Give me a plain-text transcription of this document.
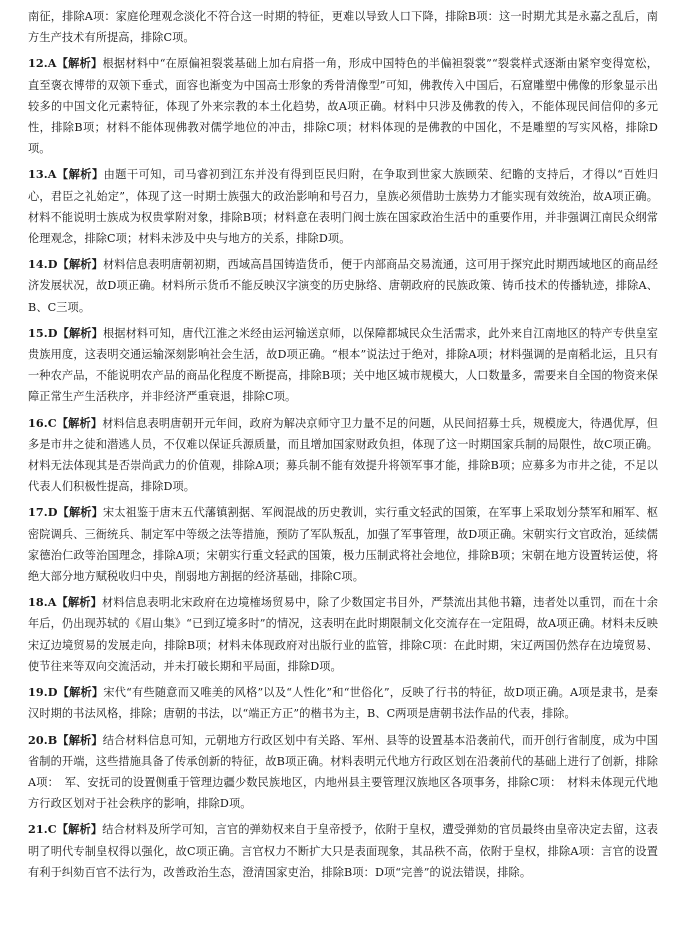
南征，排除A项：家庭伦理观念淡化不符合这一时期的特征，更难以导致人口下降，排除B项：这一时期尤其是永嘉之乱后，南方生产技术有所提高，排除C项。

12.A【解析】根据材料中“在原偏袒裂裳基础上加右肩搭一角，形成中国特色的半偏袒裂裳”“裂裳样式逐渐由紧窄变得宽松，直至褒衣博带的双领下垂式，面容也渐变为中国高士形象的秀骨清像型”可知，佛教传入中国后，石窟雕塑中佛像的形象显示出较多的中国文化元素特征，体现了外来宗教的本土化趋势，故A项正确。材料中只涉及佛教的传入，不能体现民间信仰的多元性，排除B项；材料不能体现佛教对儒学地位的冲击，排除C项；材料体现的是佛教的中国化，不是雕塑的写实风格，排除D项。

13.A【解析】由题干可知，司马睿初到江东并没有得到臣民归附，在争取到世家大族顾荣、纪瞻的支持后，才得以“百姓归心，君臣之礼始定”，体现了这一时期士族强大的政治影响和号召力，皇族必须借助士族势力才能实现有效统治，故A项正确。材料不能说明士族成为权贵掌附对象，排除B项；材料意在表明门阀士族在国家政治生活中的重要作用，并非强调江南民众纲常伦理观念，排除C项；材料未涉及中央与地方的关系，排除D项。

14.D【解析】材料信息表明唐朝初期，西域高昌国铸造货币，便于内部商品交易流通，这可用于探究此时期西域地区的商品经济发展状况，故D项正确。材料所示货币不能反映汉字演变的历史脉络、唐朝政府的民族政策、铸币技术的传播轨迹，排除A、B、C三项。

15.D【解析】根据材料可知，唐代江淮之米经由运河输送京师，以保障都城民众生活需求，此外来自江南地区的特产专供皇室贵族用度，这表明交通运输深刻影响社会生活，故D项正确。“根本”说法过于绝对，排除A项；材料强调的是南稻北运，且只有一种农产品，不能说明农产品的商品化程度不断提高，排除B项；关中地区城市规模大，人口数量多，需要来自全国的物资来保障正常生产生活秩序，并非经济严重衰退，排除C项。

16.C【解析】材料信息表明唐朝开元年间，政府为解决京师守卫力量不足的问题，从民间招募士兵，规模庞大，待遇优厚，但多是市井之徒和潜逃人员，不仅难以保证兵源质量，而且增加国家财政负担，体现了这一时期国家兵制的局限性，故C项正确。材料无法体现其是否崇尚武力的价值观，排除A项；募兵制不能有效提升将领军事才能，排除B项；应募多为市井之徒，不足以代表人们积极性提高，排除D项。

17.D【解析】宋太祖鉴于唐末五代藩镇割据、军阀混战的历史教训，实行重文轻武的国策，在军事上采取划分禁军和厢军、枢密院调兵、三衙统兵、制定军中等级之法等措施，预防了军队叛乱，加强了军事管理，故D项正确。宋朝实行文官政治，延续儒家德治仁政等治国理念，排除A项；宋朝实行重文轻武的国策，极力压制武将社会地位，排除B项；宋朝在地方设置转运使，将绝大部分地方赋税收归中央，削弱地方割据的经济基础，排除C项。

18.A【解析】材料信息表明北宋政府在边境榷场贸易中，除了少数国定书目外，严禁流出其他书籍，违者处以重罚，而在十余年后，仍出现苏轼的《眉山集》“已到辽境多时”的情况，这表明在此时期限制文化交流存在一定阻碍，故A项正确。材料未反映宋辽边境贸易的发展走向，排除B项；材料未体现政府对出版行业的监管，排除C项：在此时期，宋辽两国仍然存在边境贸易、使节往来等双向交流活动，并未打破长期和平局面，排除D项。

19.D【解析】宋代“有些随意而又唯美的风格”以及“人性化”和“世俗化”，反映了行书的特征，故D项正确。A项是隶书，是秦汉时期的书法风格，排除；唐朝的书法，以“端正方正”的楷书为主，B、C两项是唐朝书法作品的代表，排除。

20.B【解析】结合材料信息可知，元朝地方行政区划中有关路、军州、县等的设置基本沿袭前代，而开创行省制度，成为中国省制的开端，这些措施具备了传承创新的特征，故B项正确。材料表明元代地方行政区划在沿袭前代的基础上进行了创新，排除A项：　军、安抚司的设置侧重于管理边疆少数民族地区，内地州县主要管理汉族地区各项事务，排除C项：　材料未体现元代地方行政区划对于社会秩序的影响，排除D项。

21.C【解析】结合材料及所学可知，言官的弹劾权来自于皇帝授予，依附于皇权，遭受弹劾的官员最终由皇帝决定去留，这表明了明代专制皇权得以强化，故C项正确。言官权力不断扩大只是表面现象，其品秩不高，依附于皇权，排除A项：言官的设置有利于纠劾百官不法行为，改善政治生态，澄清国家吏治，排除B项：D项“完善”的说法错误，排除。
